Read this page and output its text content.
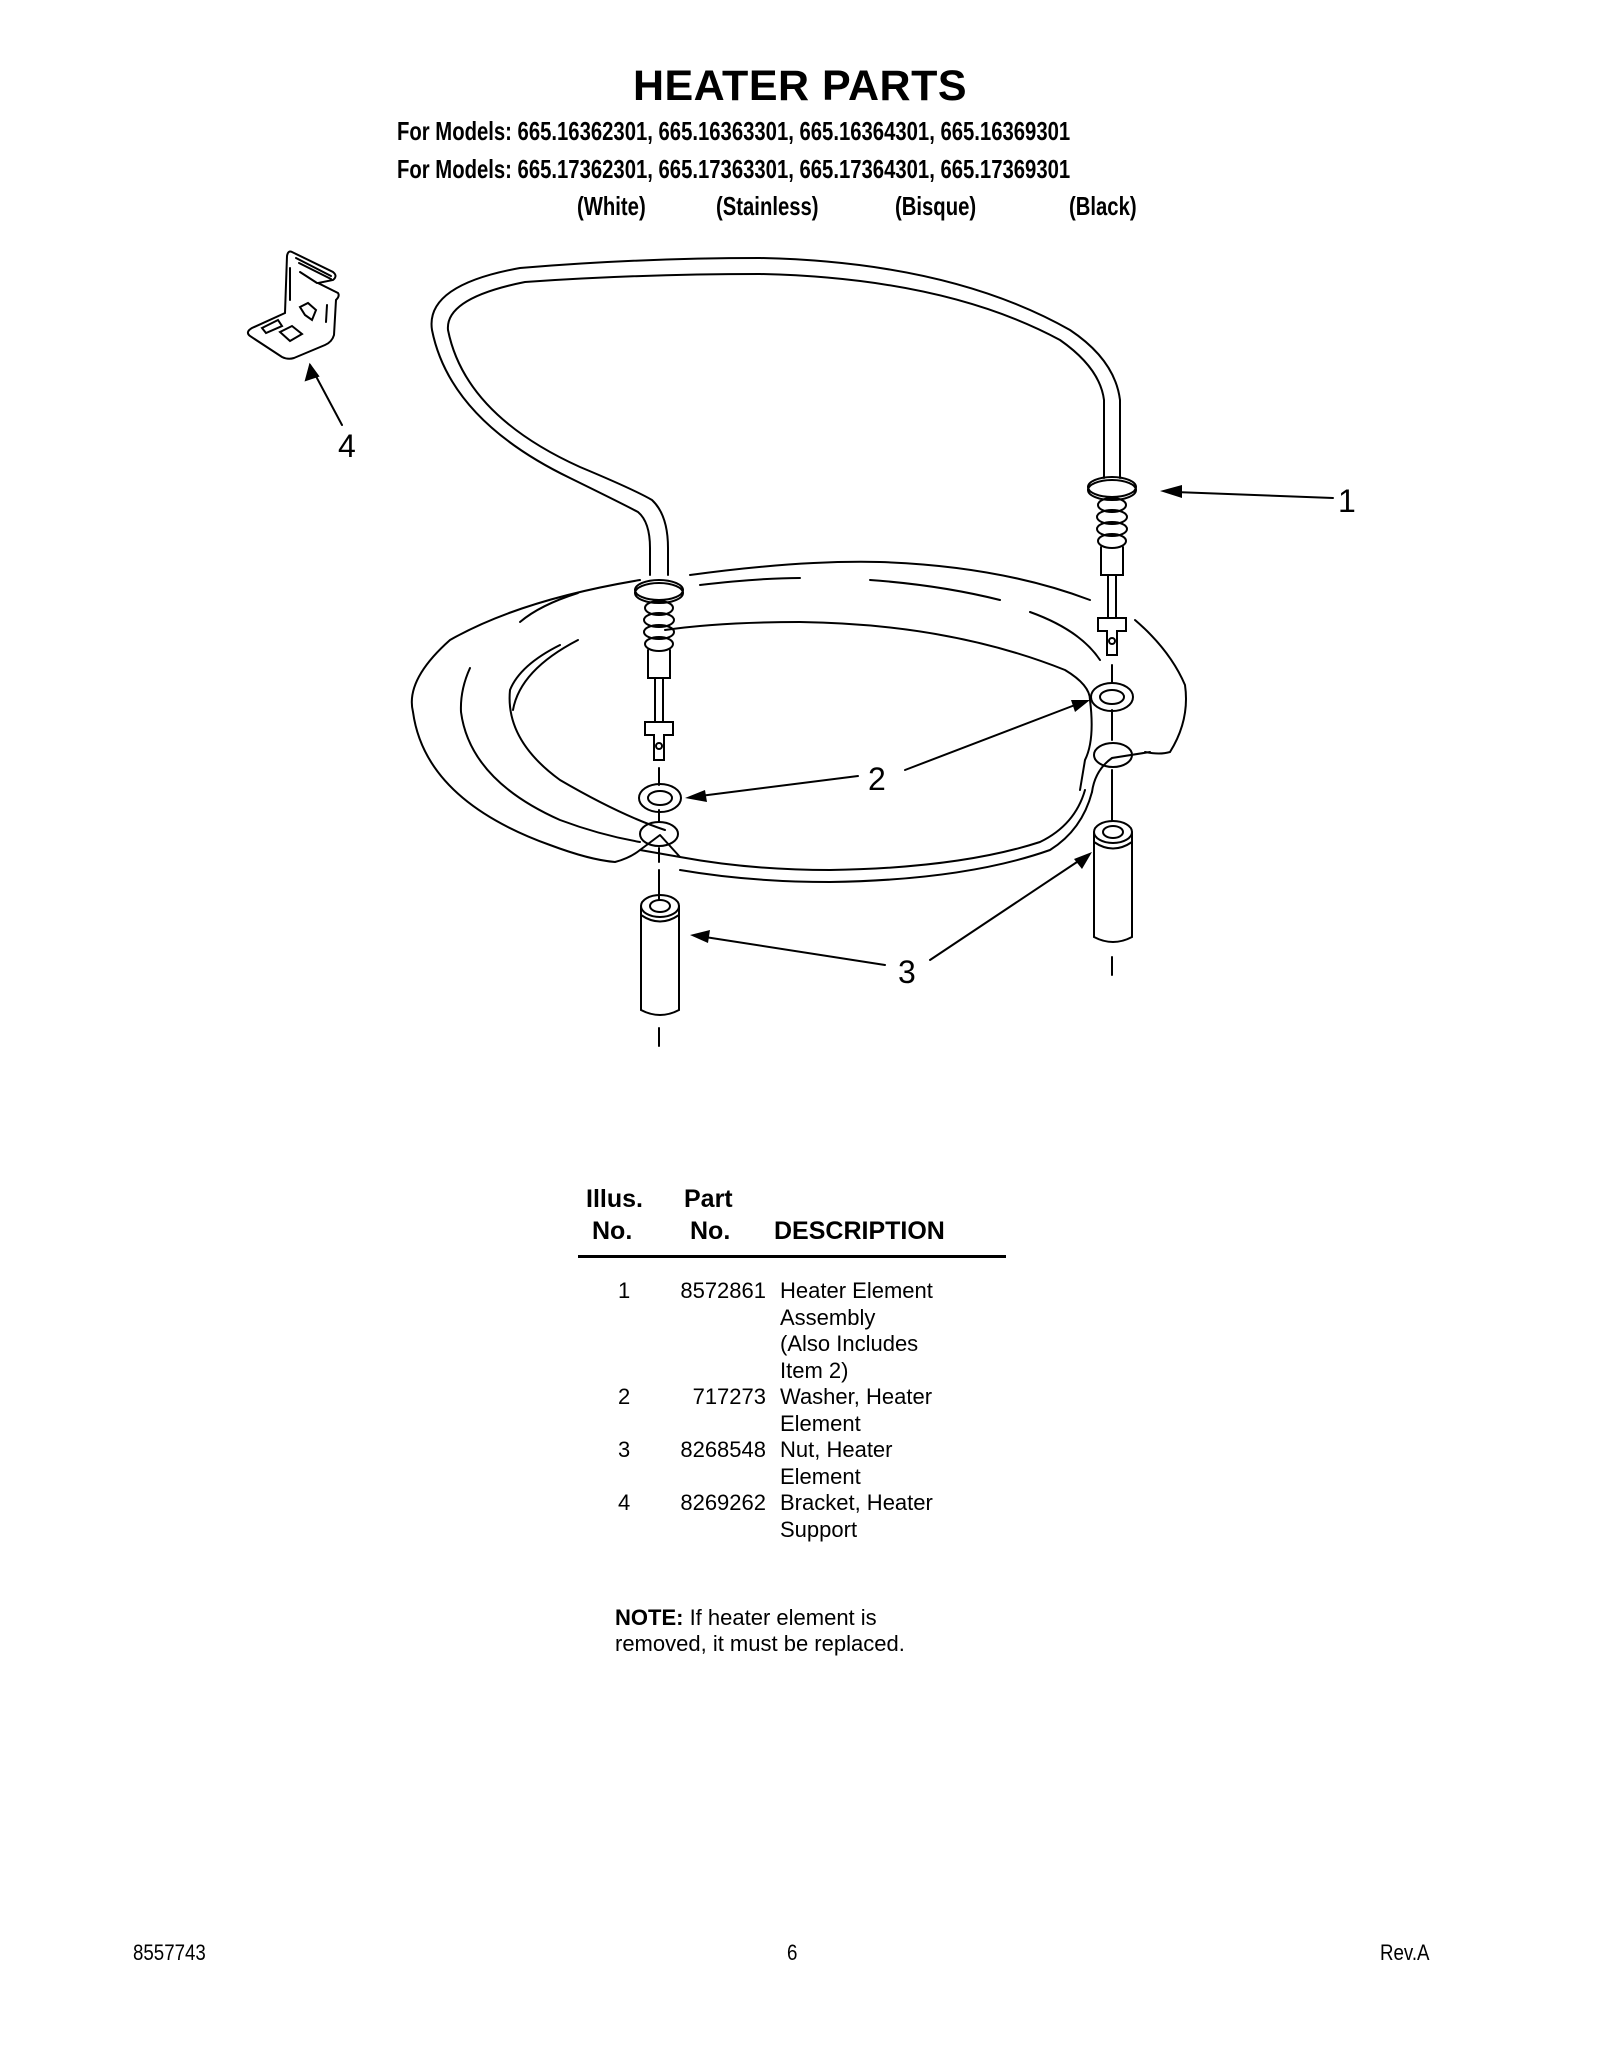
HEATER PARTS
For Models: 665.16362301, 665.16363301, 665.16364301, 665.16369301
For Models: 665.17362301, 665.17363301, 665.17364301, 665.17369301
(White)	(Stainless)	(Bisque)	(Black)
4
1
2
3
Illus.
No.
Part
No. DESCRIPTION
1	8572861 Heater Element
Assembly
(Also Includes
Item 2)
2	717273 Washer, Heater
Element
3	8268548 Nut, Heater
Element
4	8269262 Bracket, Heater
Support
NOTE: If heater element is
removed, it must be replaced.
8557743	6	Rev.A
